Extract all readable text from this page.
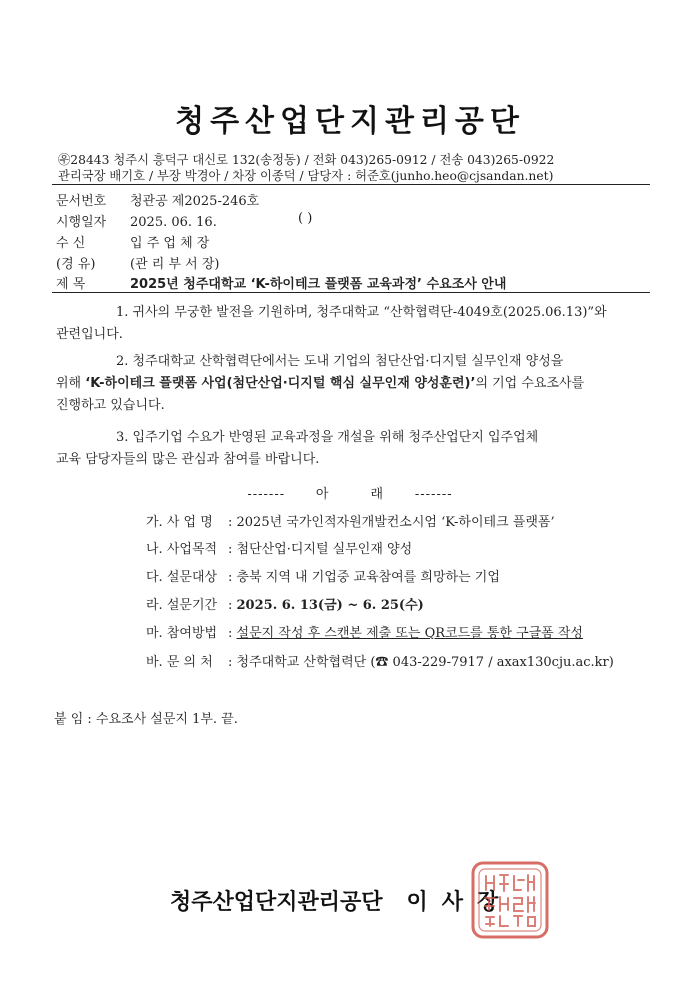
청주산업단지관리공단
㉾28443 청주시 흥덕구 대신로 132(송정동) / 전화 043)265-0912 / 전송 043)265-0922
관리국장 배기호 / 부장 박경아 / 차장 이종덕 / 담당자 : 허준호(junho.heo@cjsandan.net)
문서번호 청관공 제2025-246호
시행일자 2025. 06. 16.	( )
수 신	입 주 업 체 장
(경 유)	(관 리 부 서 장)
제 목	2025년 청주대학교 ‘K-하이테크 플랫폼 교육과정’ 수요조사 안내
1. 귀사의 무궁한 발전을 기원하며, 청주대학교 “산학협력단-4049호(2025.06.13)”와
관련입니다.
2. 청주대학교 산학협력단에서는 도내 기업의 첨단산업·디지털 실무인재 양성을
위해 ‘K-하이테크 플랫폼 사업(첨단산업·디지털 핵심 실무인재 양성훈련)’의 기업 수요조사를
진행하고 있습니다.
3. 입주기업 수요가 반영된 교육과정을 개설을 위해 청주산업단지 입주업체
교육 담당자들의 많은 관심과 참여를 바랍니다.
-------      아        래      -------
가. 사 업 명 : 2025년 국가인적자원개발컨소시엄 ‘K-하이테크 플랫폼’
나. 사업목적 : 첨단산업·디지털 실무인재 양성
다. 설문대상 : 충북 지역 내 기업중 교육참여를 희망하는 기업
라. 설문기간 : 2025. 6. 13(금) ~ 6. 25(수)
마. 참여방법 : 설문지 작성 후 스캔본 제출 또는 QR코드를 통한 구글폼 작성
바. 문 의 처 : 청주대학교 산학협력단 (☎ 043-229-7917 / axax130cju.ac.kr)
붙 임 : 수요조사 설문지 1부. 끝.
청주산업단지관리공단 이사장
